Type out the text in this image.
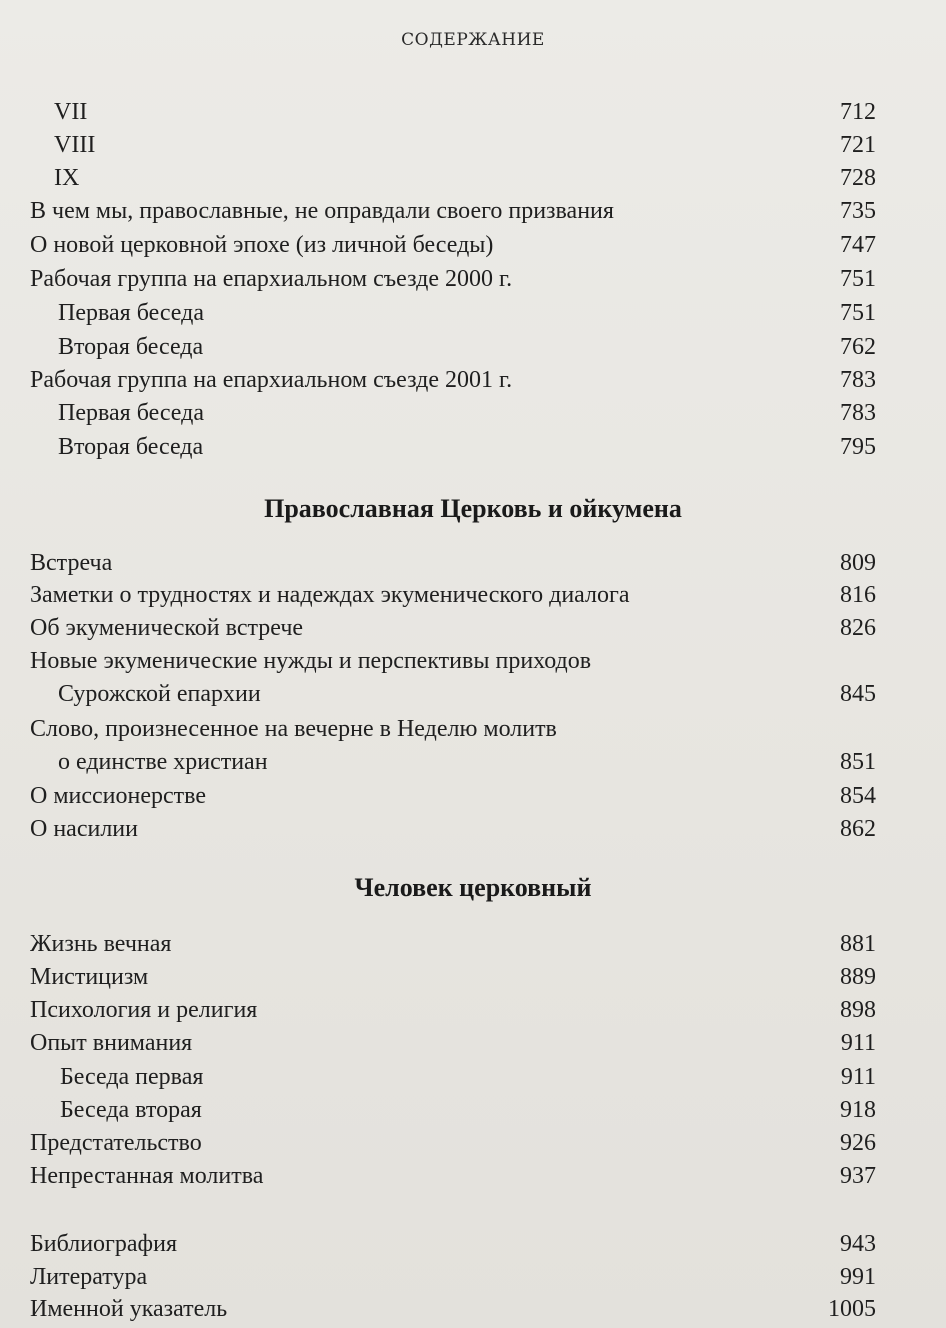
СОДЕРЖАНИЕ
VII	712
VIII	721
IX	728
В чем мы, православные, не оправдали своего призвания	735
О новой церковной эпохе (из личной беседы)	747
Рабочая группа на епархиальном съезде 2000 г.	751
Первая беседа	751
Вторая беседа	762
Рабочая группа на епархиальном съезде 2001 г.	783
Первая беседа	783
Вторая беседа	795
Православная Церковь и ойкумена
Встреча	809
Заметки о трудностях и надеждах экуменического диалога	816
Об экуменической встрече	826
Новые экуменические нужды и перспективы приходов
Сурожской епархии	845
Слово, произнесенное на вечерне в Неделю молитв
о единстве христиан	851
О миссионерстве	854
О насилии	862
Человек церковный
Жизнь вечная	881
Мистицизм	889
Психология и религия	898
Опыт внимания	911
Беседа первая	911
Беседа вторая	918
Предстательство	926
Непрестанная молитва	937
Библиография	943
Литература	991
Именной указатель	1005
